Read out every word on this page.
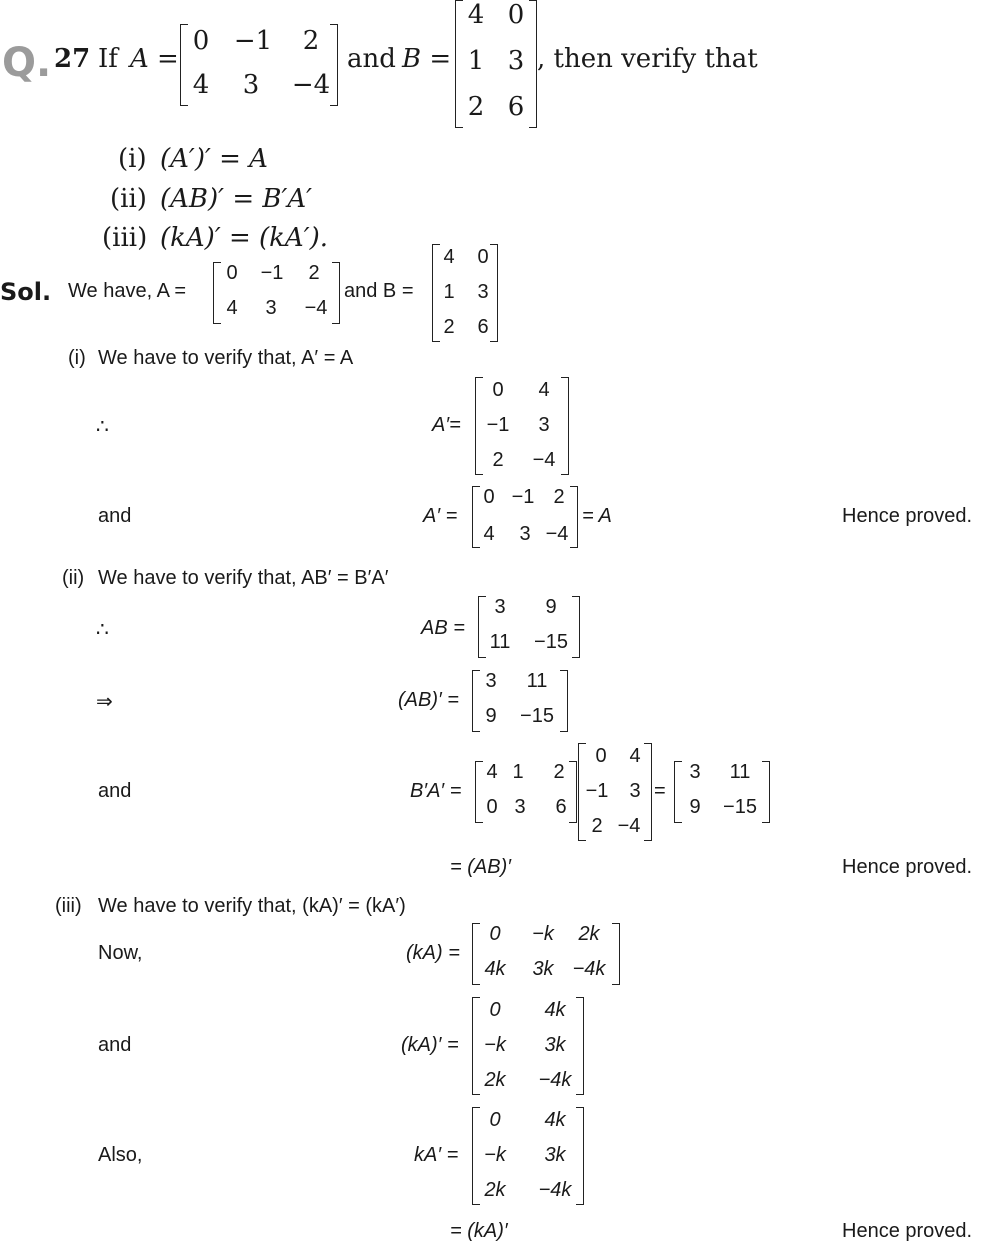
Q. 27 If A =
0 −1 2
4 3 −4
and B =
4 0
1 3
2 6
, then verify that
(i) (A′)′ = A
(ii) (AB)′ = B′A′
(iii) (kA)′ = (kA′).
Sol. We have, A =
0 −1 2
4 3 −4
and B =
4 0
1 3
2 6
(i) We have to verify that, A′ = A
∴	A′=
0 4
−1 3
2 −4
and	A′ =
0 −1 2
4 3 −4
= A	Hence proved.
(ii) We have to verify that, AB′ = B′A′
∴	AB =
3 9
11 −15
⇒	(AB)′ =
3 11
9 −15
and	B′A′ =
4 1 2
0 3 6
0 4
−1 3
2 −4
=
3 11
9 −15
= (AB)′	Hence proved.
(iii) We have to verify that, (kA)′ = (kA′)
Now,	(kA) =
0 −k 2k
4k 3k −4k
and	(kA)′ =
0 4k
−k 3k
2k −4k
Also,	kA′ =
0 4k
−k 3k
2k −4k
= (kA)′	Hence proved.
